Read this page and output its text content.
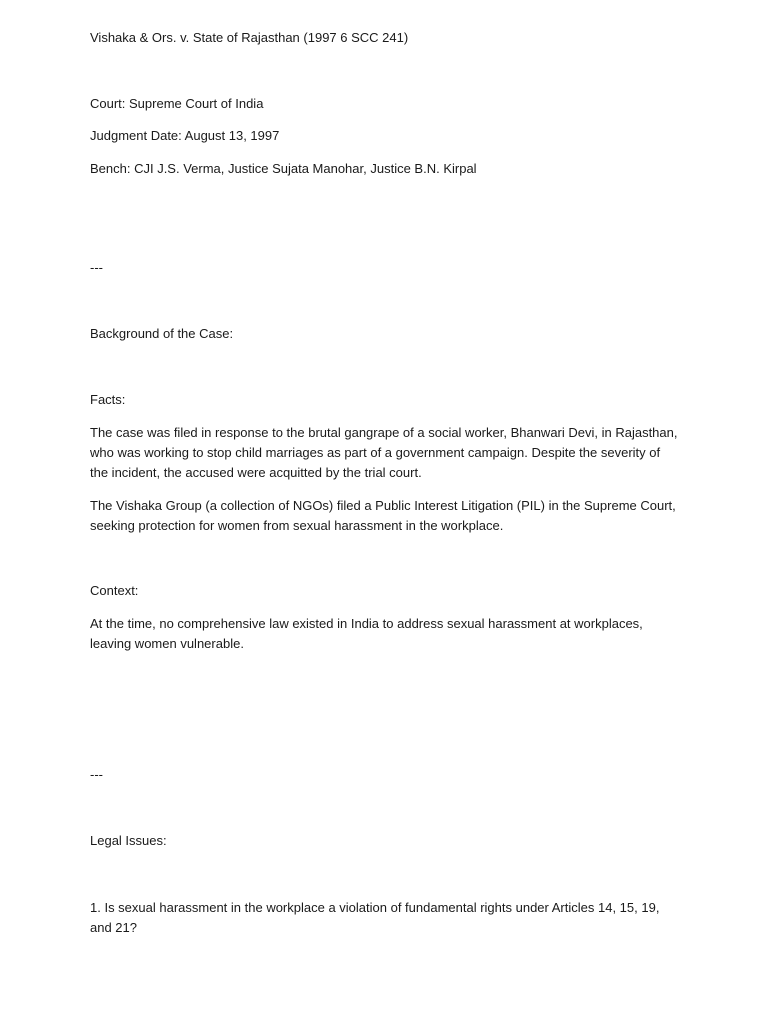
Vishaka & Ors. v. State of Rajasthan (1997 6 SCC 241)

Court: Supreme Court of India

Judgment Date: August 13, 1997

Bench: CJI J.S. Verma, Justice Sujata Manohar, Justice B.N. Kirpal

---

Background of the Case:

Facts:

The case was filed in response to the brutal gangrape of a social worker, Bhanwari Devi, in Rajasthan, who was working to stop child marriages as part of a government campaign. Despite the severity of the incident, the accused were acquitted by the trial court.

The Vishaka Group (a collection of NGOs) filed a Public Interest Litigation (PIL) in the Supreme Court, seeking protection for women from sexual harassment in the workplace.

Context:

At the time, no comprehensive law existed in India to address sexual harassment at workplaces, leaving women vulnerable.

---

Legal Issues:

1. Is sexual harassment in the workplace a violation of fundamental rights under Articles 14, 15, 19, and 21?
